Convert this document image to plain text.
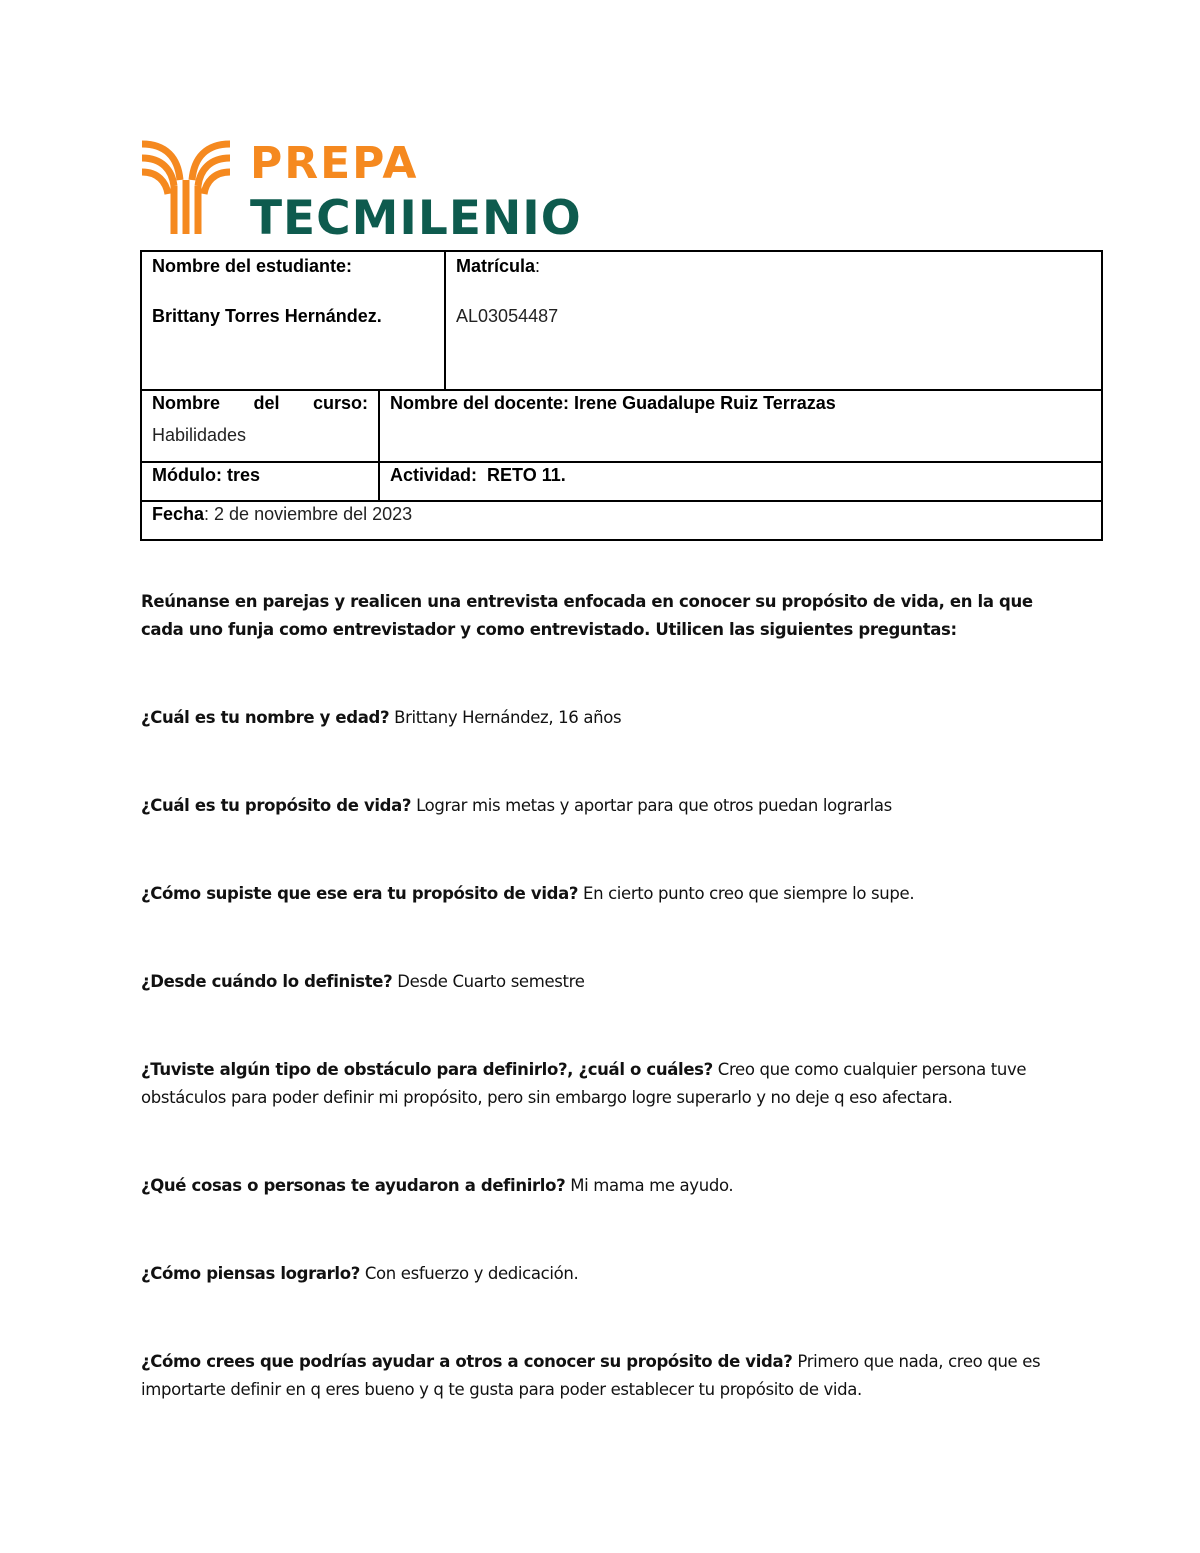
PREPA
TECMILENIO
Nombre del estudiante:
Brittany Torres Hernández.		Matrícula:
AL03054487

Nombre del curso:
Habilidades	Nombre del docente: Irene Guadalupe Ruiz Terrazas	

Módulo: tres	Actividad: RETO 11.	

Fecha: 2 de noviembre del 2023		

Reúnanse en parejas y realicen una entrevista enfocada en conocer su propósito de vida, en la que cada uno funja como entrevistador y como entrevistado. Utilicen las siguientes preguntas:

¿Cuál es tu nombre y edad? Brittany Hernández, 16 años

¿Cuál es tu propósito de vida? Lograr mis metas y aportar para que otros puedan lograrlas

¿Cómo supiste que ese era tu propósito de vida? En cierto punto creo que siempre lo supe.

¿Desde cuándo lo definiste? Desde Cuarto semestre

¿Tuviste algún tipo de obstáculo para definirlo?, ¿cuál o cuáles? Creo que como cualquier persona tuve obstáculos para poder definir mi propósito, pero sin embargo logre superarlo y no deje q eso afectara.

¿Qué cosas o personas te ayudaron a definirlo? Mi mama me ayudo.

¿Cómo piensas lograrlo? Con esfuerzo y dedicación.

¿Cómo crees que podrías ayudar a otros a conocer su propósito de vida? Primero que nada, creo que es importarte definir en q eres bueno y q te gusta para poder establecer tu propósito de vida.
